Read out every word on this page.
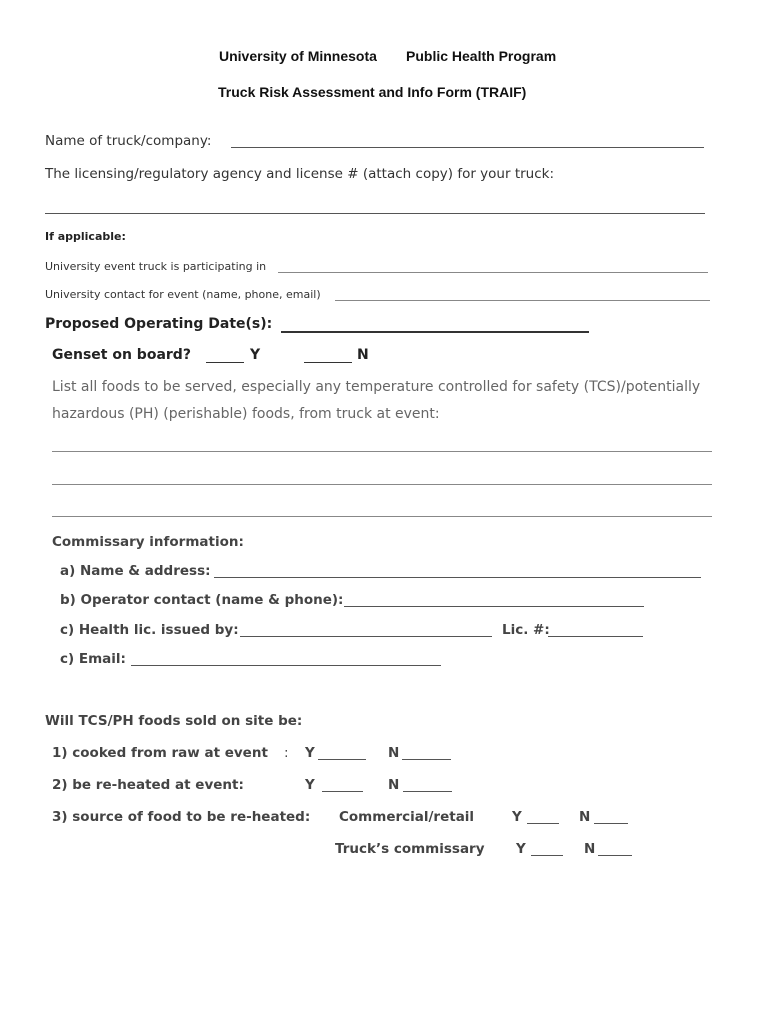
University of Minnesota Public Health Program
Truck Risk Assessment and Info Form (TRAIF)
Name of truck/company:
The licensing/regulatory agency and license # (attach copy) for your truck:
If applicable:
University event truck is participating in
University contact for event (name, phone, email)
Proposed Operating Date(s):
Genset on board?	Y	N
List all foods to be served, especially any temperature controlled for safety (TCS)/potentially
hazardous (PH) (perishable) foods, from truck at event:
Commissary information:
a) Name & address:
b) Operator contact (name & phone):
c) Health lic. issued by:	Lic. #:
c) Email:
Will TCS/PH foods sold on site be:
1) cooked from raw at event : Y	N
2) be re-heated at event:	Y	N
3) source of food to be re-heated: Commercial/retail	Y	N
Truck’s commissary Y	N
